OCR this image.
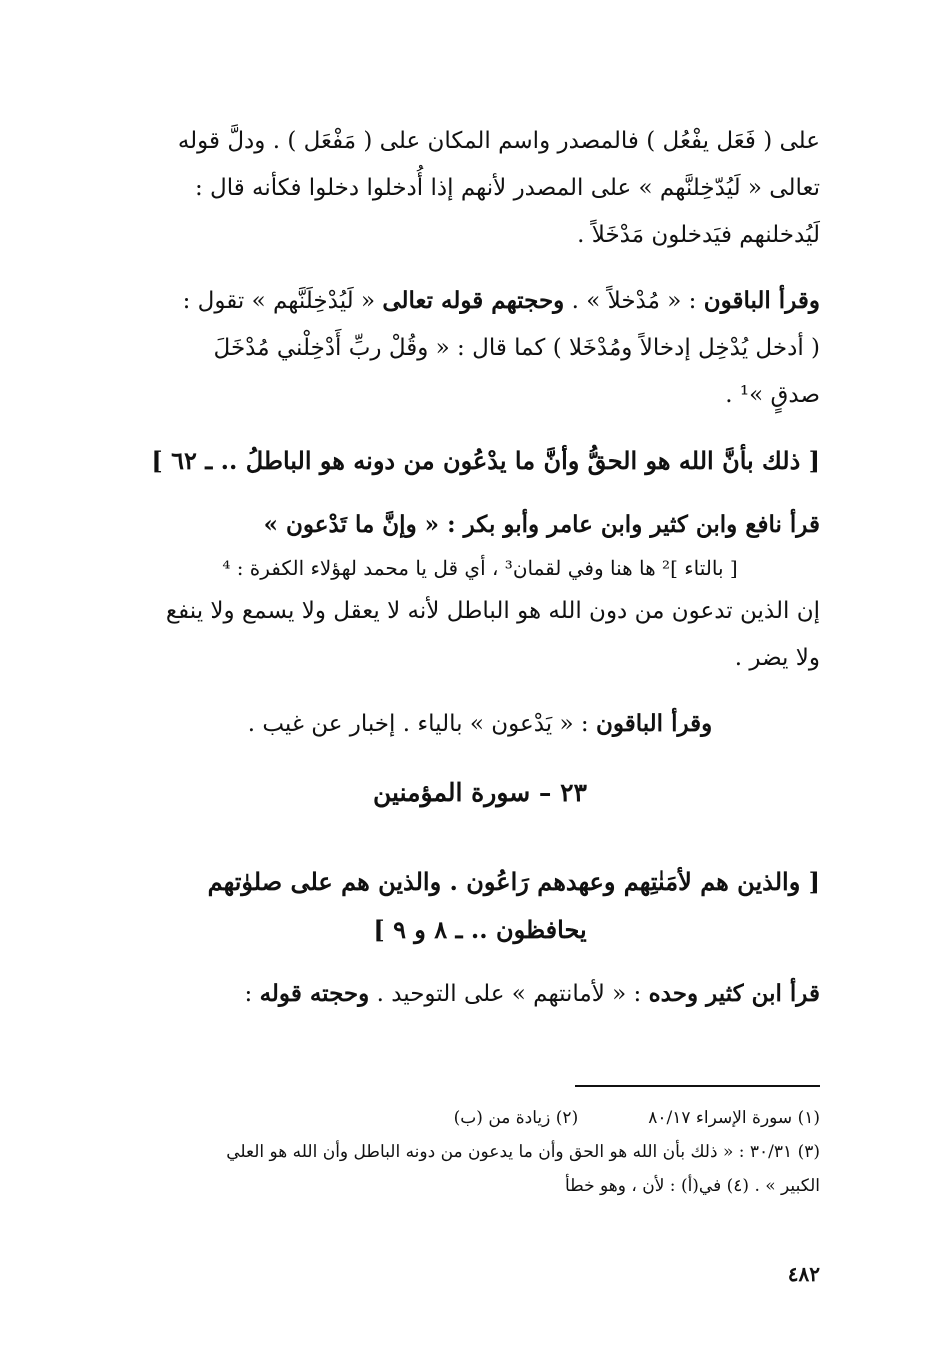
على ( فَعَل يفْعُل ) فالمصدر واسم المكان على ( مَفْعَل ) . ودلَّ قوله
تعالى « لَيُدّخِلنَّهم » على المصدر لأنهم إذا أُدخلوا دخلوا فكأنه قال :
لَيُدخلنهم فيَدخلون مَدْخَلاً .
وقرأ الباقون : « مُدْخلاً » . وحجتهم قوله تعالى « لَيُدْخِلَنَّهم » تقول :
( أدخل يُدْخِل إدخالاً ومُدْخَلا ) كما قال : « وقُلْ ربِّ أَدْخِلْني مُدْخَلَ
صدقٍ »¹ .
[ ذلك بأنَّ الله هو الحقُّ وأنَّ ما يدْعُون من دونه هو الباطلُ .. ـ ٦٢ ]
قرأ نافع وابن كثير وابن عامر وأبو بكر : « وإنَّ ما تَدْعون »
[ بالتاء ]² ها هنا وفي لقمان³ ، أي قل يا محمد لهؤلاء الكفرة : ⁴
إن الذين تدعون من دون الله هو الباطل لأنه لا يعقل ولا يسمع ولا ينفع
ولا يضر .
وقرأ الباقون : « يَدْعون » بالياء . إخبار عن غيب .
٢٣ – سورة المؤمنين
[ والذين هم لأمَنٰتِهم وعهدهم رَاعُون . والذين هم على صلوٰتهم
يحافظون .. ـ ٨ و ٩ ]
قرأ ابن كثير وحده : « لأمانتهم » على التوحيد . وحجته قوله :
(١) سورة الإسراء ٨٠/١٧
(٢) زيادة من (ب)
(٣) ٣٠/٣١ : « ذلك بأن الله هو الحق وأن ما يدعون من دونه الباطل وأن الله هو العلي
الكبير » . (٤) في(أ) : لأن ، وهو خطأ
٤٨٢
